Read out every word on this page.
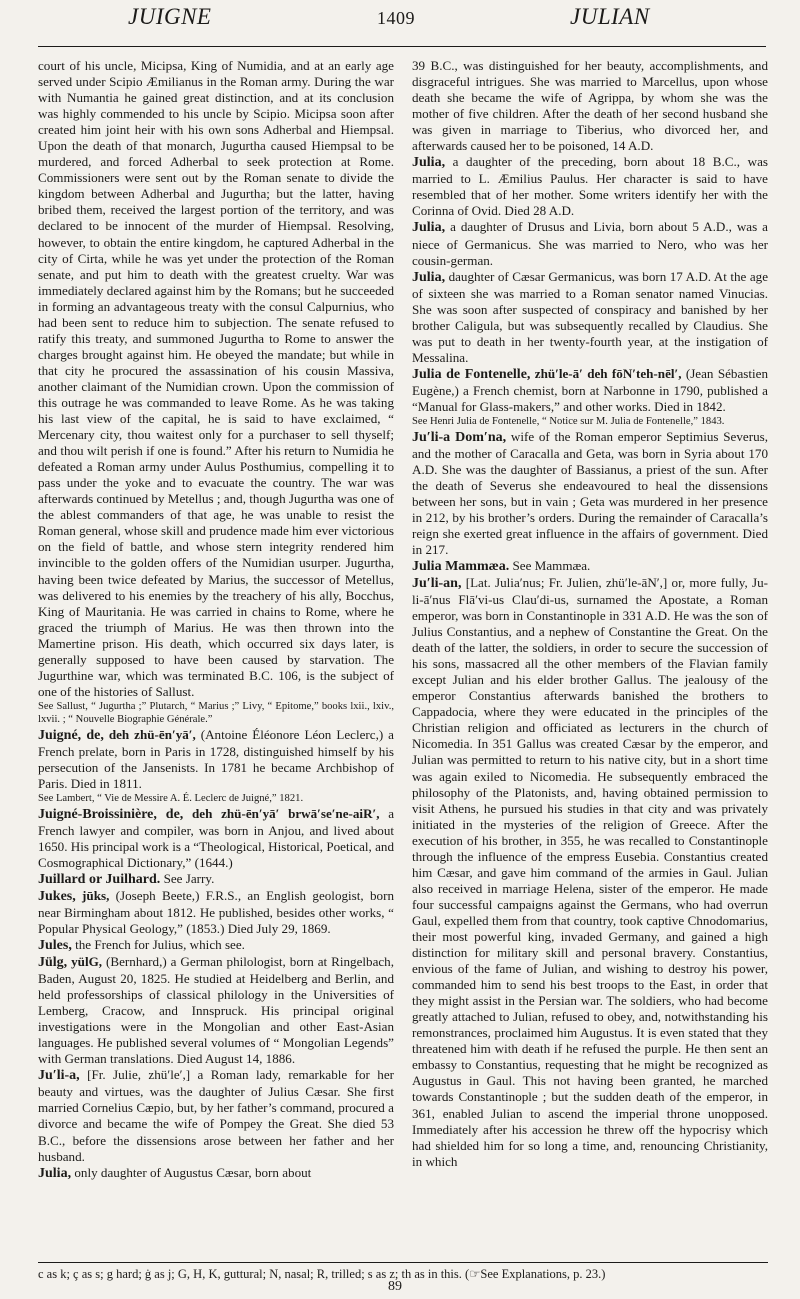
JUIGNE	1409	JULIAN

court of his uncle, Micipsa, King of Numidia, and at an early age served under Scipio Æmilianus in the Roman army. During the war with Numantia he gained great distinction, and at its conclusion was highly commended to his uncle by Scipio. Micipsa soon after created him joint heir with his own sons Adherbal and Hiempsal. Upon the death of that monarch, Jugurtha caused Hiempsal to be murdered, and forced Adherbal to seek protection at Rome. Commissioners were sent out by the Roman senate to divide the kingdom between Adherbal and Jugurtha; but the latter, having bribed them, received the largest portion of the territory, and was declared to be innocent of the murder of Hiempsal. Resolving, however, to obtain the entire kingdom, he captured Adherbal in the city of Cirta, while he was yet under the protection of the Roman senate, and put him to death with the greatest cruelty. War was immediately declared against him by the Romans; but he succeeded in forming an advantageous treaty with the consul Calpurnius, who had been sent to reduce him to subjection. The senate refused to ratify this treaty, and summoned Jugurtha to Rome to answer the charges brought against him. He obeyed the mandate; but while in that city he procured the assassination of his cousin Massiva, another claimant of the Numidian crown. Upon the commission of this outrage he was commanded to leave Rome. As he was taking his last view of the capital, he is said to have exclaimed, “ Mercenary city, thou waitest only for a purchaser to sell thyself; and thou wilt perish if one is found.” After his return to Numidia he defeated a Roman army under Aulus Posthumius, compelling it to pass under the yoke and to evacuate the country. The war was afterwards continued by Metellus ; and, though Jugurtha was one of the ablest commanders of that age, he was unable to resist the Roman general, whose skill and prudence made him ever victorious on the field of battle, and whose stern integrity rendered him invincible to the golden offers of the Numidian usurper. Jugurtha, having been twice defeated by Marius, the successor of Metellus, was delivered to his enemies by the treachery of his ally, Bocchus, King of Mauritania. He was carried in chains to Rome, where he graced the triumph of Marius. He was then thrown into the Mamertine prison. His death, which occurred six days later, is generally supposed to have been caused by starvation. The Jugurthine war, which was terminated B.C. 106, is the subject of one of the histories of Sallust.

See Sallust, “ Jugurtha ;” Plutarch, “ Marius ;” Livy, “ Epitome,” books lxii., lxiv., lxvii. ; “ Nouvelle Biographie Générale.”

Juigné, de, deh zhü-ēn′yā′, (Antoine Éléonore Léon Leclerc,) a French prelate, born in Paris in 1728, distinguished himself by his persecution of the Jansenists. In 1781 he became Archbishop of Paris. Died in 1811.

See Lambert, “ Vie de Messire A. É. Leclerc de Juigné,” 1821.

Juigné-Broissinière, de, deh zhü-ēn′yā′ brwā′se′ne-aiR′, a French lawyer and compiler, was born in Anjou, and lived about 1650. His principal work is a “Theological, Historical, Poetical, and Cosmographical Dictionary,” (1644.)

Juillard or Juilhard. See Jarry.

Jukes, jūks, (Joseph Beete,) F.R.S., an English geologist, born near Birmingham about 1812. He published, besides other works, “ Popular Physical Geology,” (1853.) Died July 29, 1869.

Jules, the French for Julius, which see.

Jülg, yülG, (Bernhard,) a German philologist, born at Ringelbach, Baden, August 20, 1825. He studied at Heidelberg and Berlin, and held professorships of classical philology in the Universities of Lemberg, Cracow, and Innspruck. His principal original investigations were in the Mongolian and other East-Asian languages. He published several volumes of “ Mongolian Legends” with German translations. Died August 14, 1886.

Ju′li-a, [Fr. Julie, zhü′le′,] a Roman lady, remarkable for her beauty and virtues, was the daughter of Julius Cæsar. She first married Cornelius Cæpio, but, by her father’s command, procured a divorce and became the wife of Pompey the Great. She died 53 B.C., before the dissensions arose between her father and her husband.

Julia, only daughter of Augustus Cæsar, born about

39 B.C., was distinguished for her beauty, accomplishments, and disgraceful intrigues. She was married to Marcellus, upon whose death she became the wife of Agrippa, by whom she was the mother of five children. After the death of her second husband she was given in marriage to Tiberius, who divorced her, and afterwards caused her to be poisoned, 14 A.D.

Julia, a daughter of the preceding, born about 18 B.C., was married to L. Æmilius Paulus. Her character is said to have resembled that of her mother. Some writers identify her with the Corinna of Ovid. Died 28 A.D.

Julia, a daughter of Drusus and Livia, born about 5 A.D., was a niece of Germanicus. She was married to Nero, who was her cousin-german.

Julia, daughter of Cæsar Germanicus, was born 17 A.D. At the age of sixteen she was married to a Roman senator named Vinucias. She was soon after suspected of conspiracy and banished by her brother Caligula, but was subsequently recalled by Claudius. She was put to death in her twenty-fourth year, at the instigation of Messalina.

Julia de Fontenelle, zhü′le-ā′ deh fōN′teh-nēl′, (Jean Sébastien Eugène,) a French chemist, born at Narbonne in 1790, published a “Manual for Glass-makers,” and other works. Died in 1842.

See Henri Julia de Fontenelle, “ Notice sur M. Julia de Fontenelle,” 1843.

Ju′li-a Dom′na, wife of the Roman emperor Septimius Severus, and the mother of Caracalla and Geta, was born in Syria about 170 A.D. She was the daughter of Bassianus, a priest of the sun. After the death of Severus she endeavoured to heal the dissensions between her sons, but in vain ; Geta was murdered in her presence in 212, by his brother’s orders. During the remainder of Caracalla’s reign she exerted great influence in the affairs of government. Died in 217.

Julia Mammæa. See Mammæa.

Ju′li-an, [Lat. Julia′nus; Fr. Julien, zhü′le-āN′,] or, more fully, Ju-li-ā′nus Flā′vi-us Clau′di-us, surnamed the Apostate, a Roman emperor, was born in Constantinople in 331 A.D. He was the son of Julius Constantius, and a nephew of Constantine the Great. On the death of the latter, the soldiers, in order to secure the succession of his sons, massacred all the other members of the Flavian family except Julian and his elder brother Gallus. The jealousy of the emperor Constantius afterwards banished the brothers to Cappadocia, where they were educated in the principles of the Christian religion and officiated as lecturers in the church of Nicomedia. In 351 Gallus was created Cæsar by the emperor, and Julian was permitted to return to his native city, but in a short time was again exiled to Nicomedia. He subsequently embraced the philosophy of the Platonists, and, having obtained permission to visit Athens, he pursued his studies in that city and was privately initiated in the mysteries of the religion of Greece. After the execution of his brother, in 355, he was recalled to Constantinople through the influence of the empress Eusebia. Constantius created him Cæsar, and gave him command of the armies in Gaul. Julian also received in marriage Helena, sister of the emperor. He made four successful campaigns against the Germans, who had overrun Gaul, expelled them from that country, took captive Chnodomarius, their most powerful king, invaded Germany, and gained a high distinction for military skill and personal bravery. Constantius, envious of the fame of Julian, and wishing to destroy his power, commanded him to send his best troops to the East, in order that they might assist in the Persian war. The soldiers, who had become greatly attached to Julian, refused to obey, and, notwithstanding his remonstrances, proclaimed him Augustus. It is even stated that they threatened him with death if he refused the purple. He then sent an embassy to Constantius, requesting that he might be recognized as Augustus in Gaul. This not having been granted, he marched towards Constantinople ; but the sudden death of the emperor, in 361, enabled Julian to ascend the imperial throne unopposed. Immediately after his accession he threw off the hypocrisy which had shielded him for so long a time, and, renouncing Christianity, in which

c as k; ç as s; g hard; ġ as j; G, H, K, guttural; N, nasal; R, trilled; s as z; th as in this. (☞See Explanations, p. 23.)
89
